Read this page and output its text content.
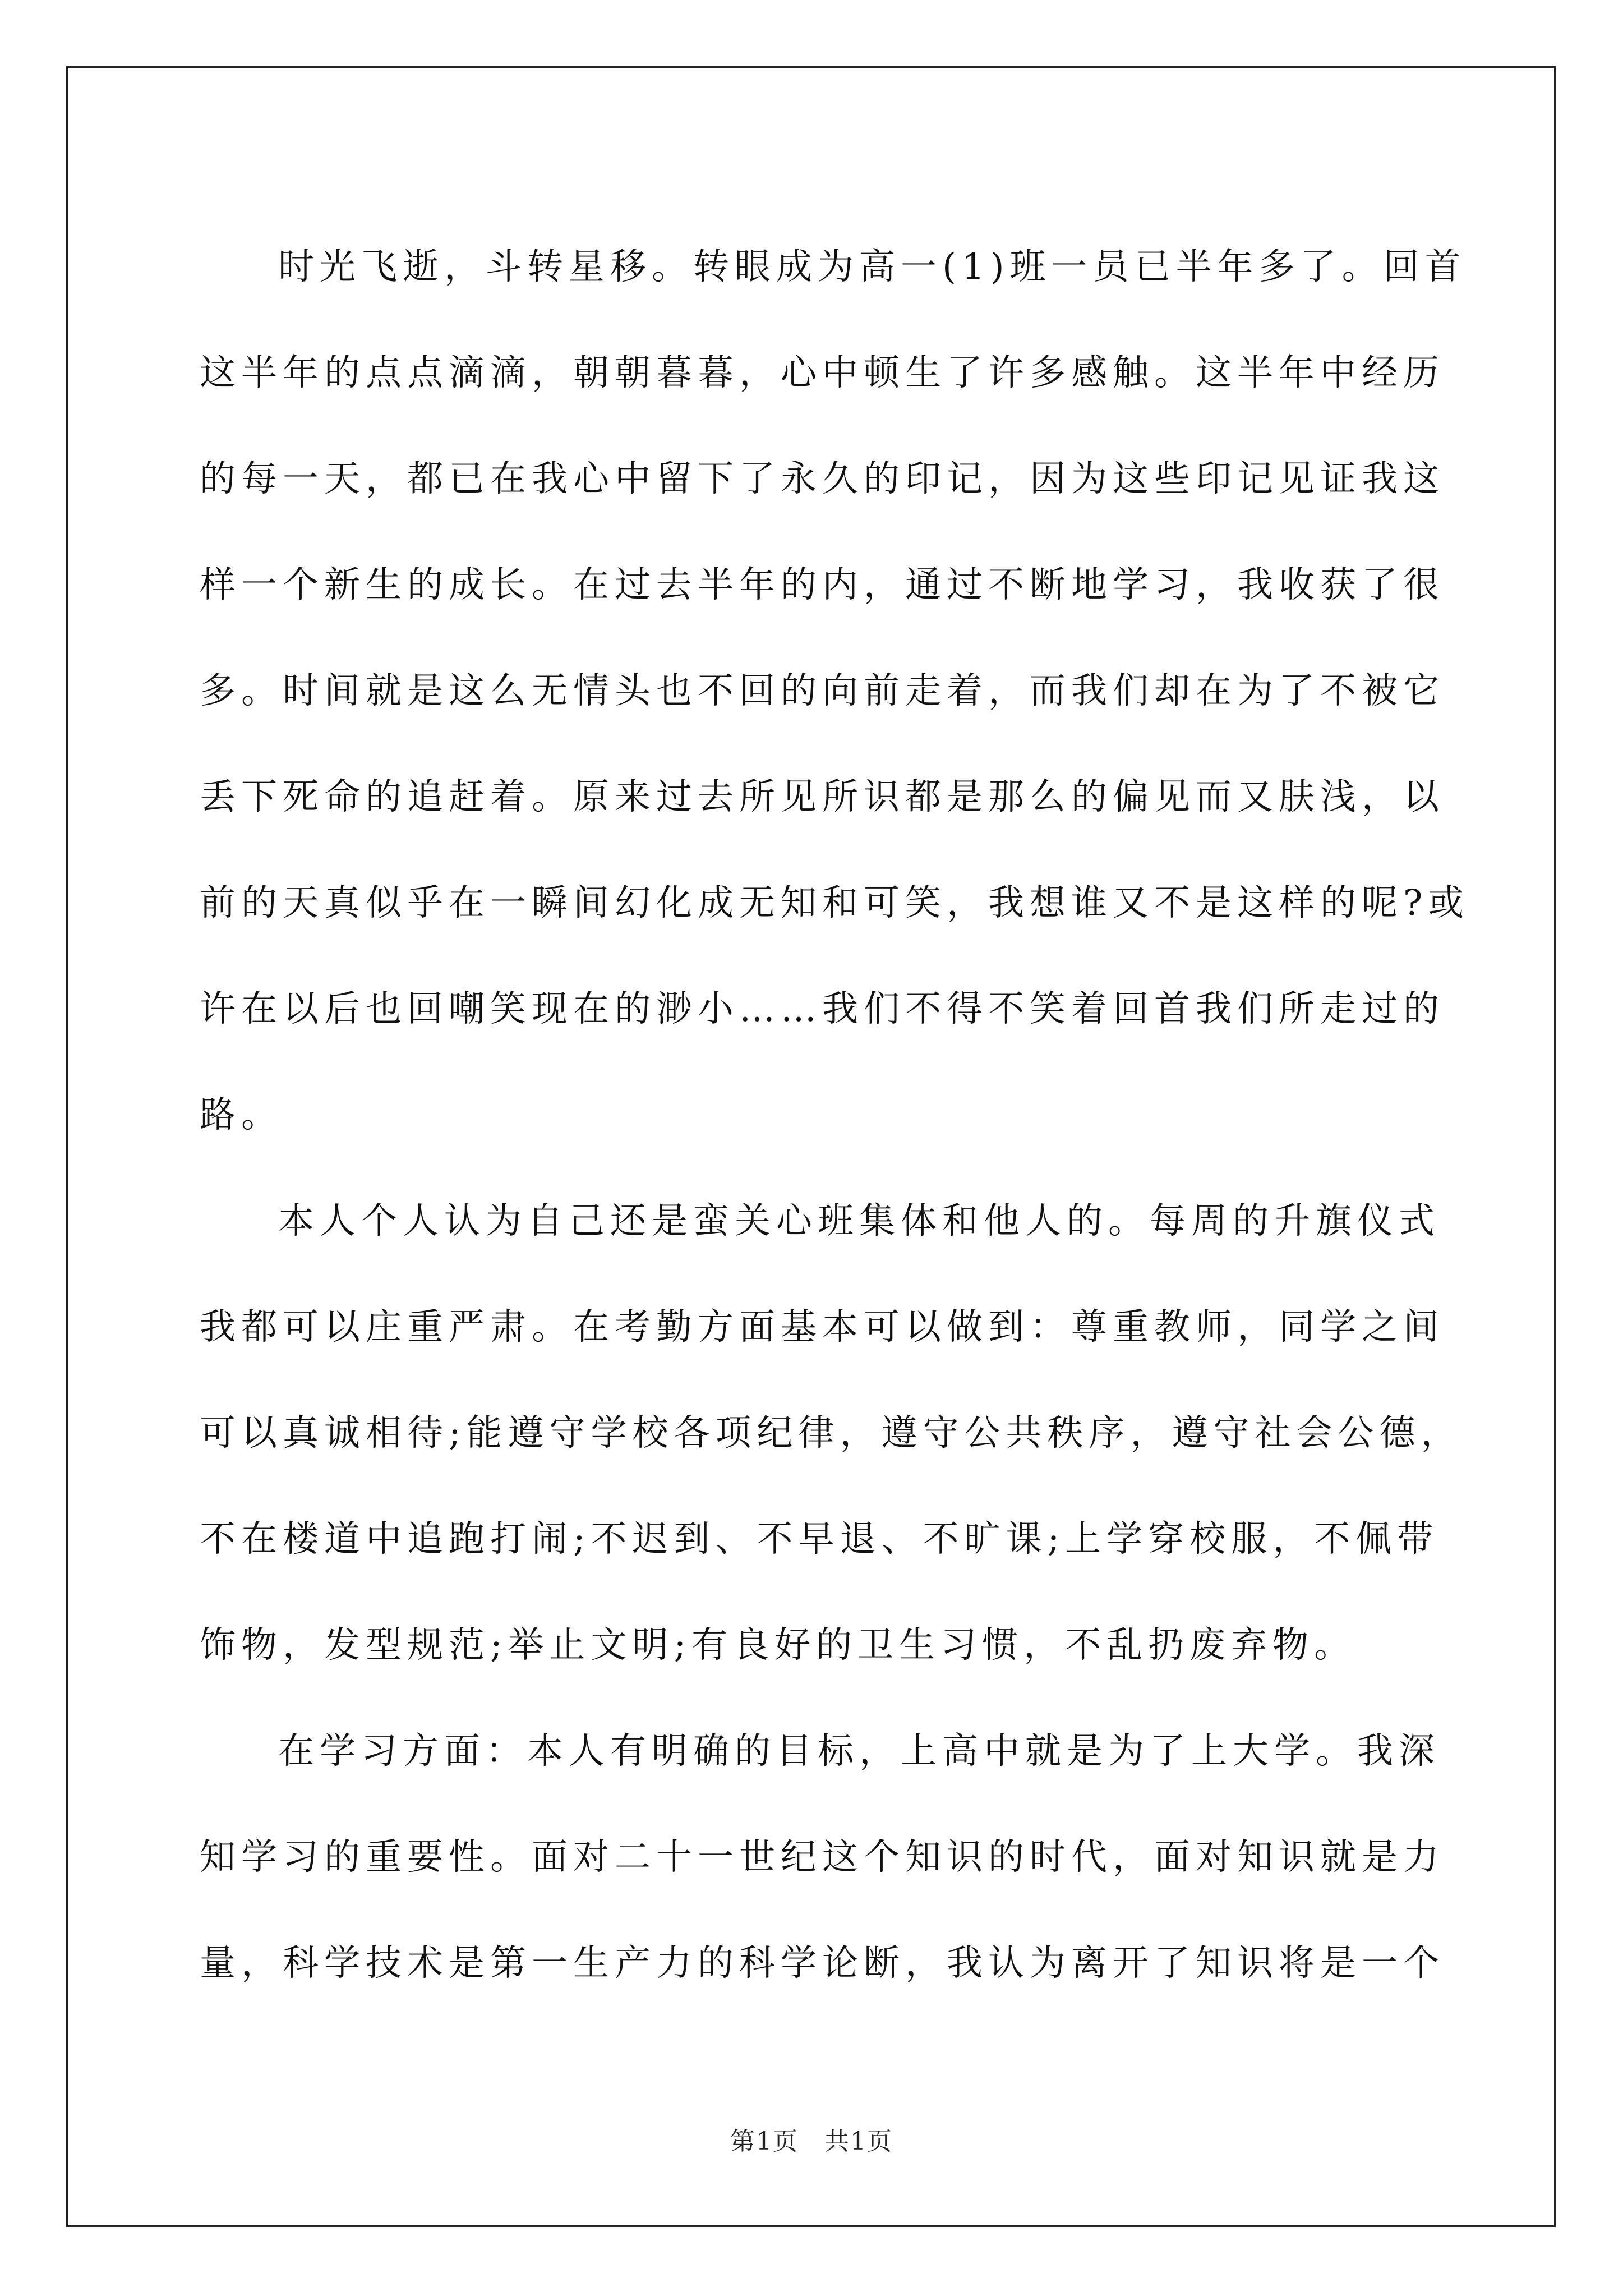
时光飞逝，斗转星移。转眼成为高一(1)班一员已半年多了。回首

这半年的点点滴滴，朝朝暮暮，心中顿生了许多感触。这半年中经历

的每一天，都已在我心中留下了永久的印记，因为这些印记见证我这

样一个新生的成长。在过去半年的内，通过不断地学习，我收获了很

多。时间就是这么无情头也不回的向前走着，而我们却在为了不被它

丢下死命的追赶着。原来过去所见所识都是那么的偏见而又肤浅，以

前的天真似乎在一瞬间幻化成无知和可笑，我想谁又不是这样的呢?或

许在以后也回嘲笑现在的渺小……我们不得不笑着回首我们所走过的

路。

本人个人认为自己还是蛮关心班集体和他人的。每周的升旗仪式

我都可以庄重严肃。在考勤方面基本可以做到：尊重教师，同学之间

可以真诚相待;能遵守学校各项纪律，遵守公共秩序，遵守社会公德，

不在楼道中追跑打闹;不迟到、不早退、不旷课;上学穿校服，不佩带

饰物，发型规范;举止文明;有良好的卫生习惯，不乱扔废弃物。

在学习方面：本人有明确的目标，上高中就是为了上大学。我深

知学习的重要性。面对二十一世纪这个知识的时代，面对知识就是力

量，科学技术是第一生产力的科学论断，我认为离开了知识将是一个

第1页　共1页
